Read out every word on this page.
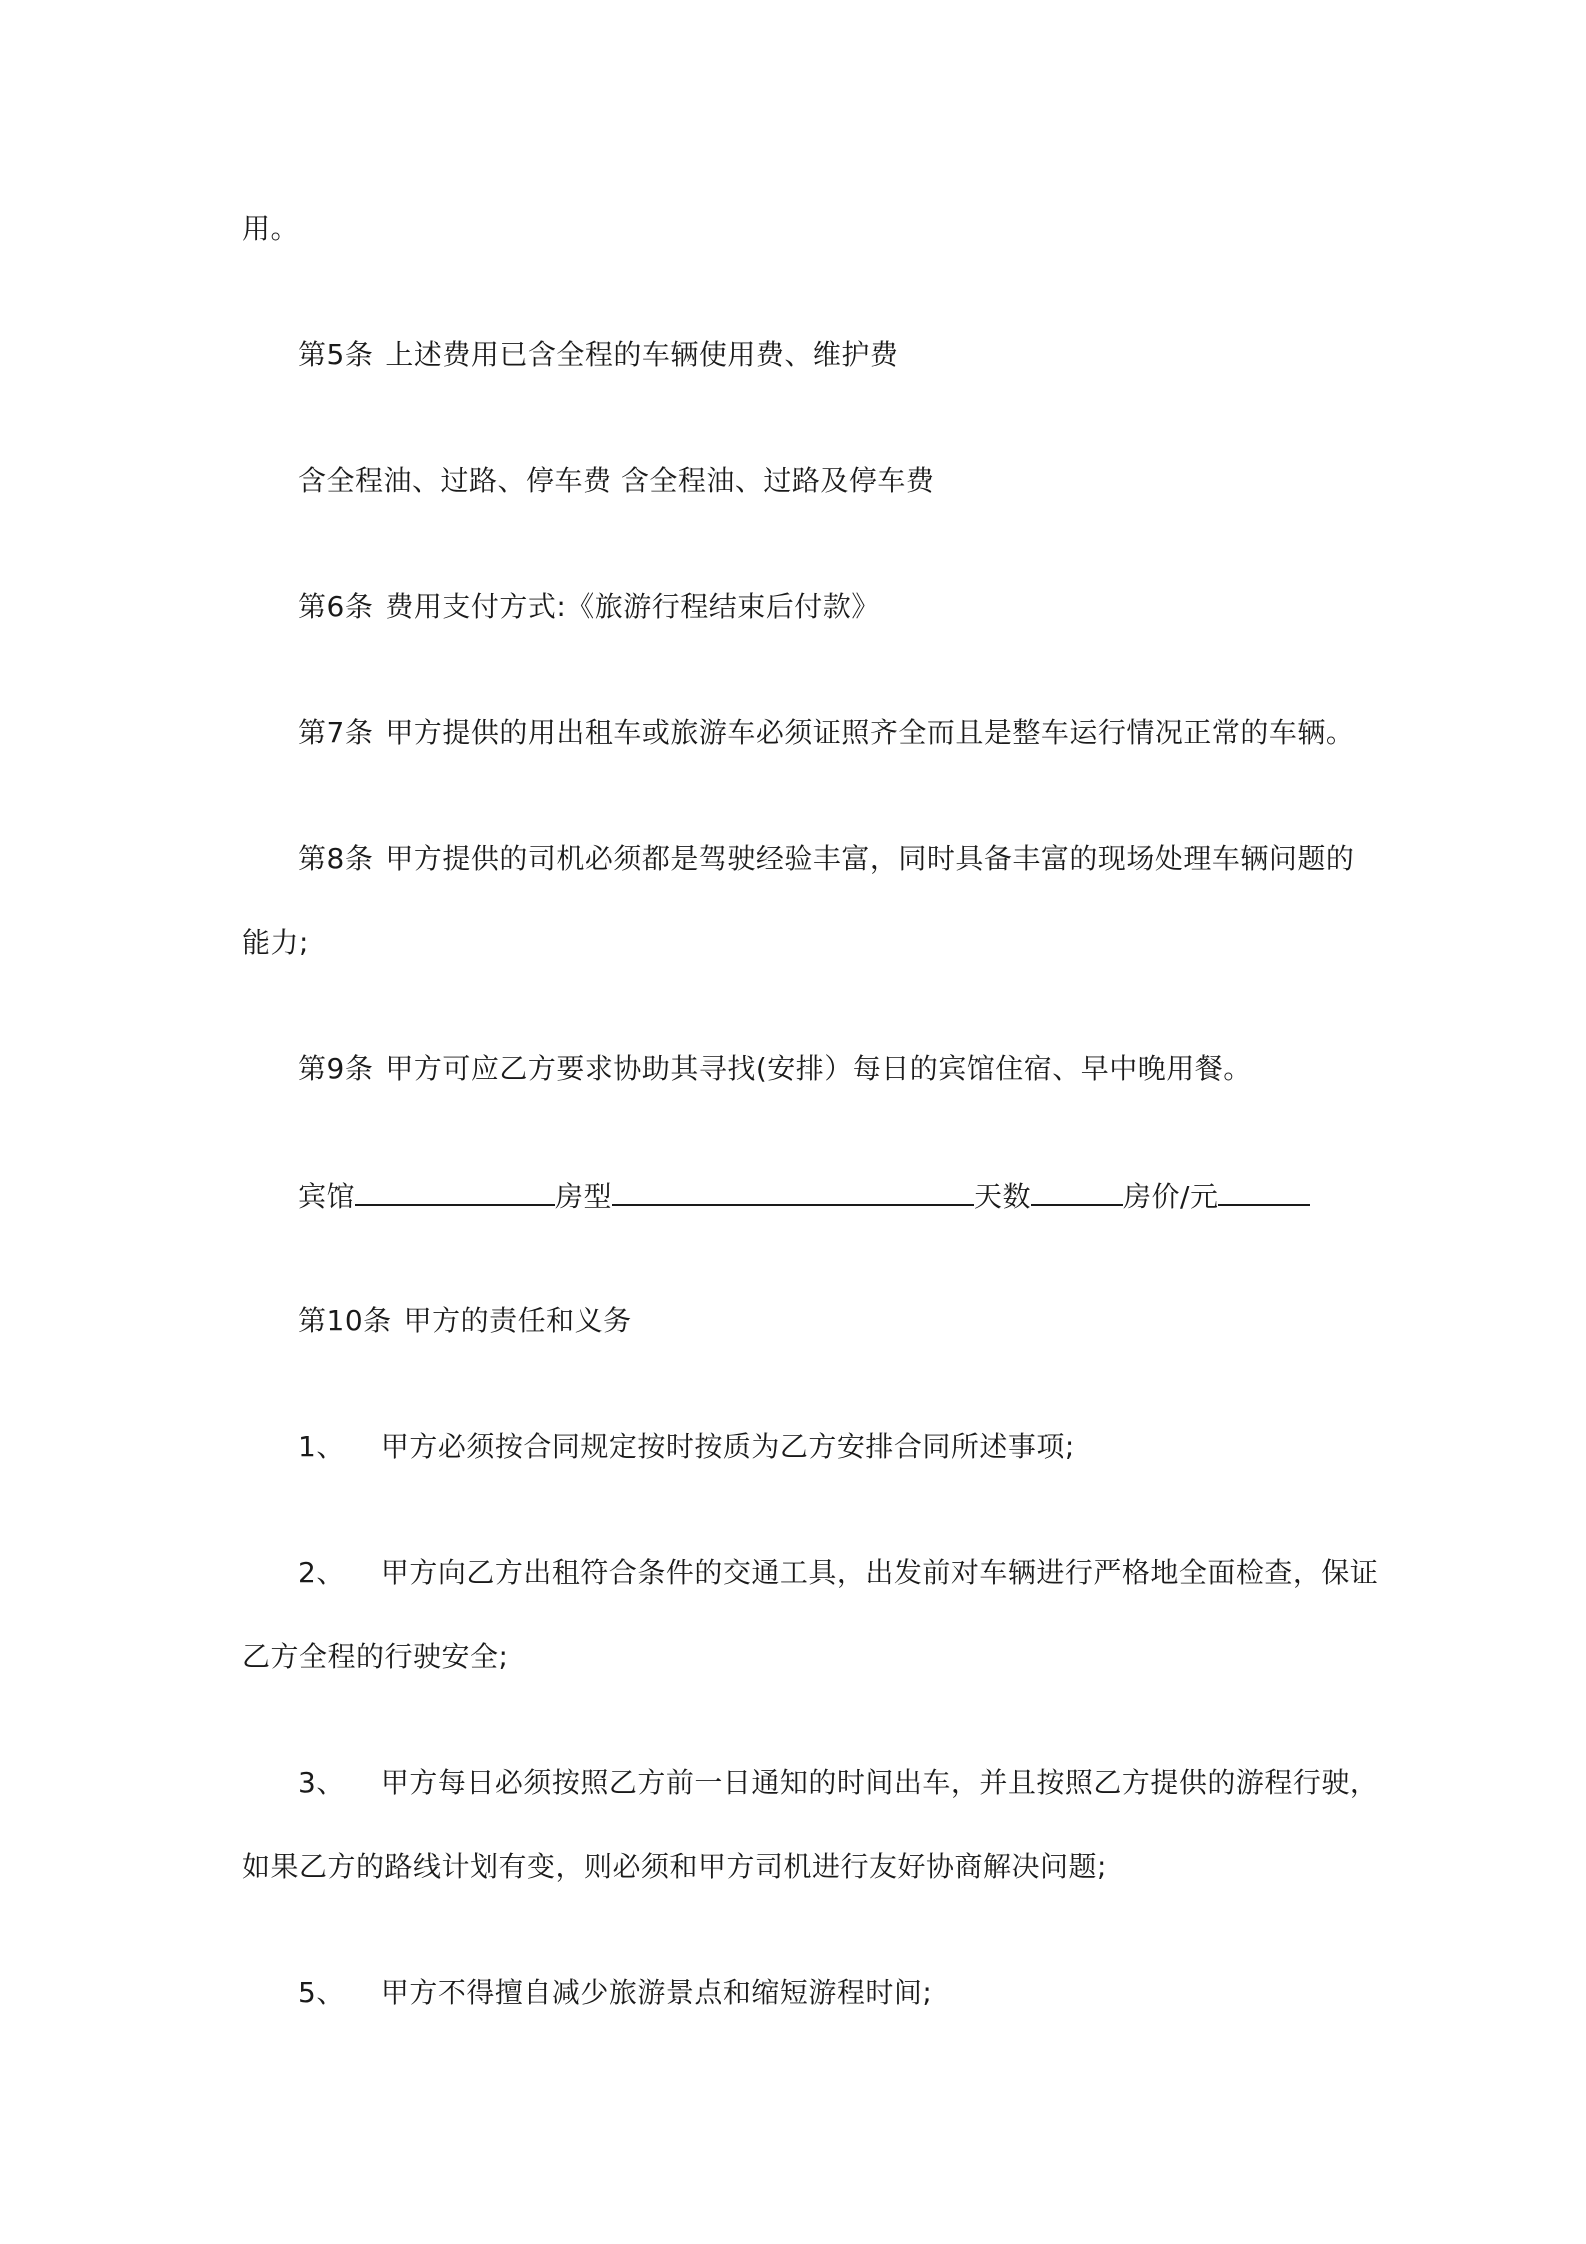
用。
第5条 上述费用已含全程的车辆使用费、维护费
含全程油、过路、停车费 含全程油、过路及停车费
第6条 费用支付方式:《旅游行程结束后付款》
第7条 甲方提供的用出租车或旅游车必须证照齐全而且是整车运行情况正常的车辆。
第8条 甲方提供的司机必须都是驾驶经验丰富，同时具备丰富的现场处理车辆问题的
能力;
第9条 甲方可应乙方要求协助其寻找(安排）每日的宾馆住宿、早中晚用餐。
宾馆	房型	天数	房价/元
第10条 甲方的责任和义务
1、 甲方必须按合同规定按时按质为乙方安排合同所述事项;
2、 甲方向乙方出租符合条件的交通工具，出发前对车辆进行严格地全面检查，保证
乙方全程的行驶安全;
3、 甲方每日必须按照乙方前一日通知的时间出车，并且按照乙方提供的游程行驶，
如果乙方的路线计划有变，则必须和甲方司机进行友好协商解决问题;
5、 甲方不得擅自减少旅游景点和缩短游程时间;
